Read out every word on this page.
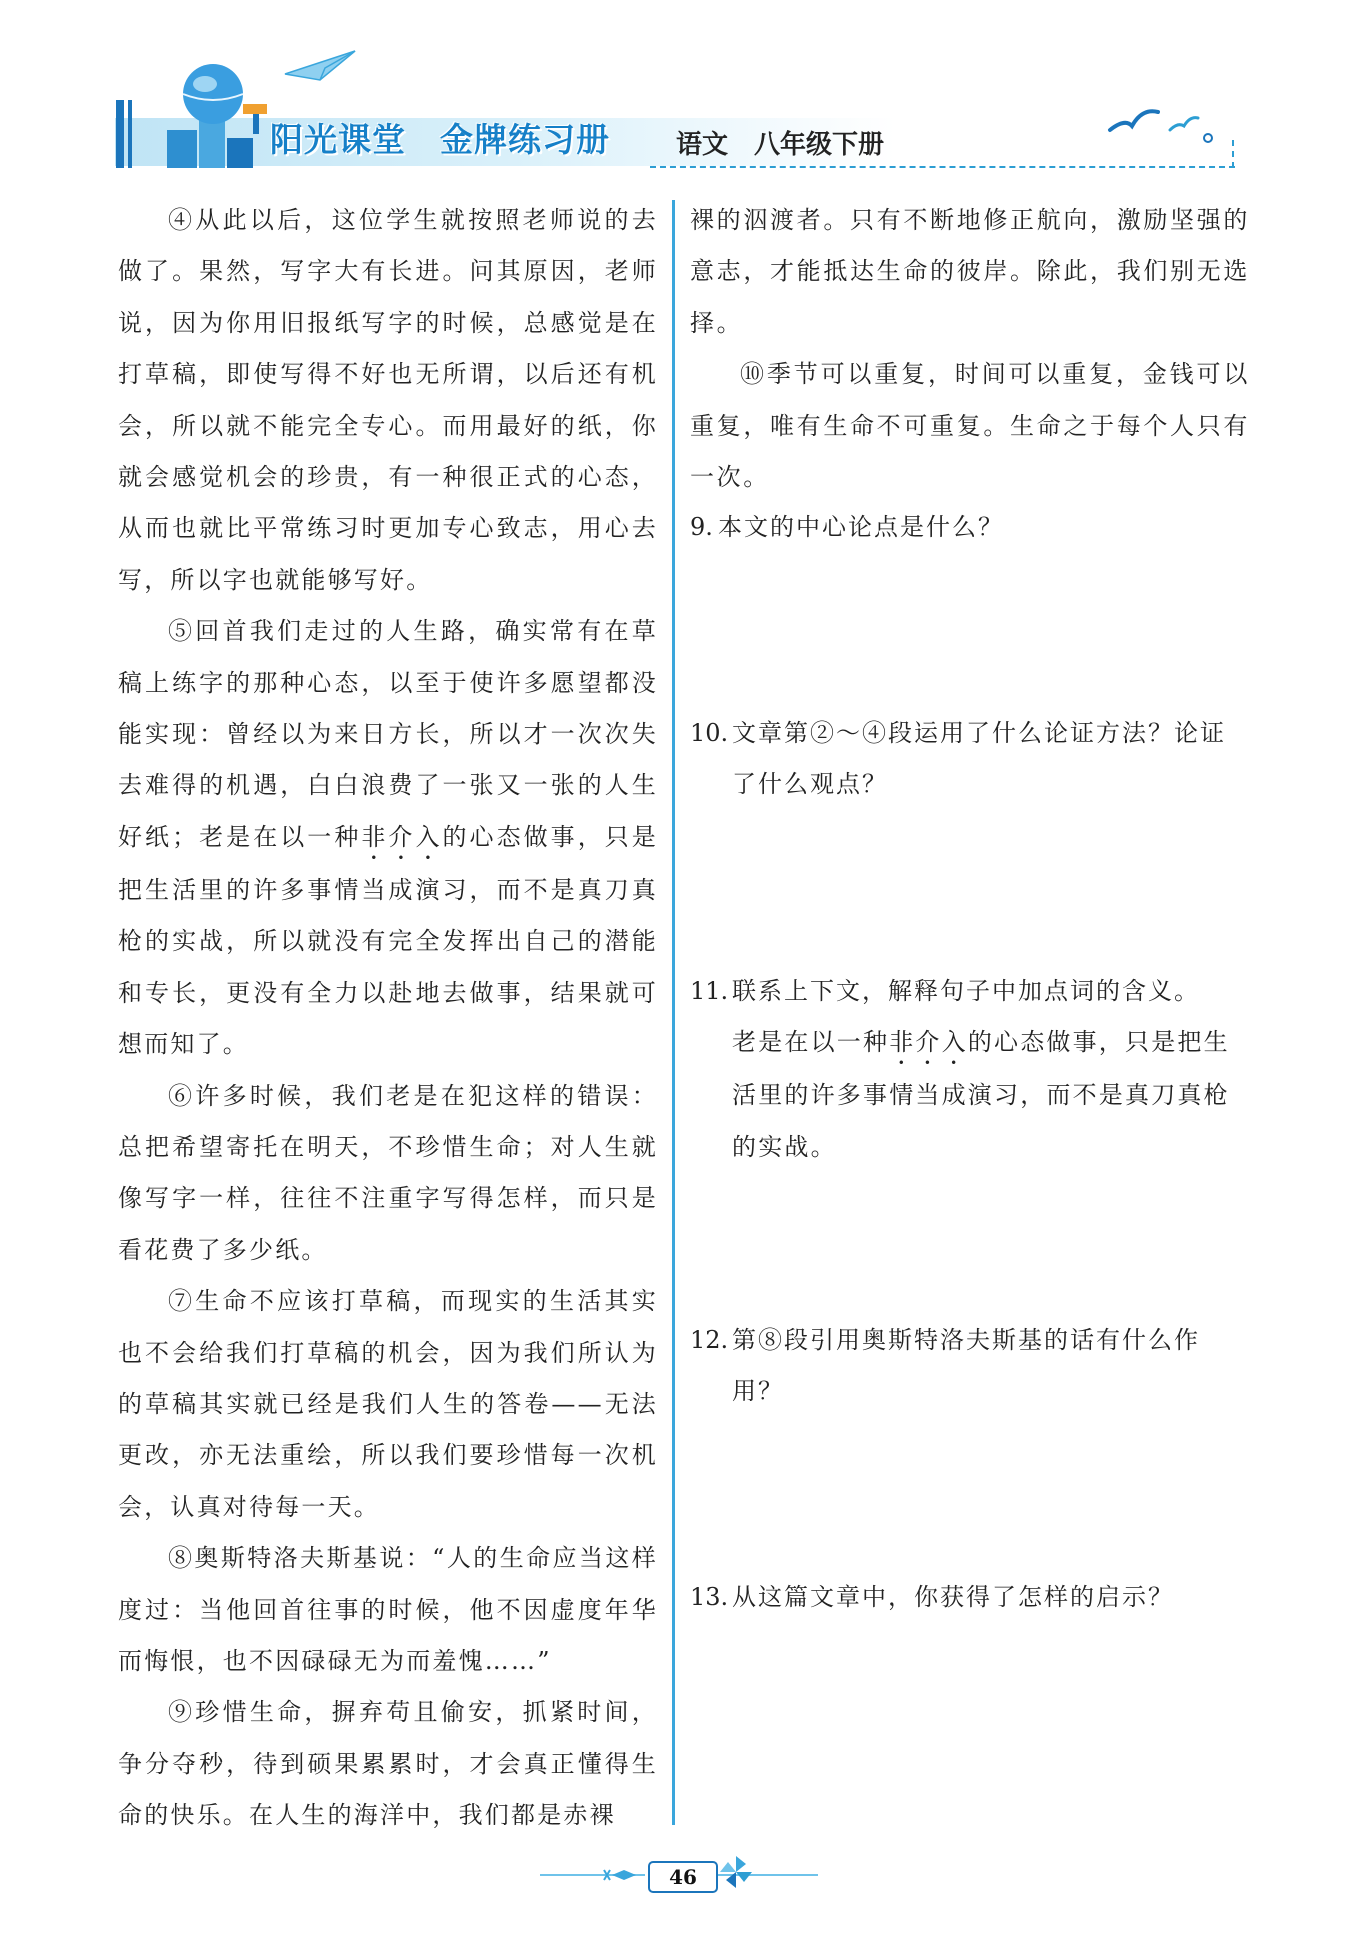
阳光课堂 金牌练习册	语文　八年级下册

④从此以后，这位学生就按照老师说的去做了。果然，写字大有长进。问其原因，老师说，因为你用旧报纸写字的时候，总感觉是在打草稿，即使写得不好也无所谓，以后还有机会，所以就不能完全专心。而用最好的纸，你就会感觉机会的珍贵，有一种很正式的心态，从而也就比平常练习时更加专心致志，用心去写，所以字也就能够写好。

⑤回首我们走过的人生路，确实常有在草稿上练字的那种心态，以至于使许多愿望都没能实现：曾经以为来日方长，所以才一次次失去难得的机遇，白白浪费了一张又一张的人生好纸；老是在以一种非介入的心态做事，只是把生活里的许多事情当成演习，而不是真刀真枪的实战，所以就没有完全发挥出自己的潜能和专长，更没有全力以赴地去做事，结果就可想而知了。

⑥许多时候，我们老是在犯这样的错误：总把希望寄托在明天，不珍惜生命；对人生就像写字一样，往往不注重字写得怎样，而只是看花费了多少纸。

⑦生命不应该打草稿，而现实的生活其实也不会给我们打草稿的机会，因为我们所认为的草稿其实就已经是我们人生的答卷——无法更改，亦无法重绘，所以我们要珍惜每一次机会，认真对待每一天。

⑧奥斯特洛夫斯基说：“人的生命应当这样度过：当他回首往事的时候，他不因虚度年华而悔恨，也不因碌碌无为而羞愧……”

⑨珍惜生命，摒弃苟且偷安，抓紧时间，争分夺秒，待到硕果累累时，才会真正懂得生命的快乐。在人生的海洋中，我们都是赤裸

裸的泅渡者。只有不断地修正航向，激励坚强的意志，才能抵达生命的彼岸。除此，我们别无选择。

⑩季节可以重复，时间可以重复，金钱可以重复，唯有生命不可重复。生命之于每个人只有一次。

9. 本文的中心论点是什么？
10. 文章第②～④段运用了什么论证方法？论证了什么观点？
11. 联系上下文，解释句子中加点词的含义。
老是在以一种非介入的心态做事，只是把生活里的许多事情当成演习，而不是真刀真枪的实战。
12. 第⑧段引用奥斯特洛夫斯基的话有什么作用？
13. 从这篇文章中，你获得了怎样的启示？
46
